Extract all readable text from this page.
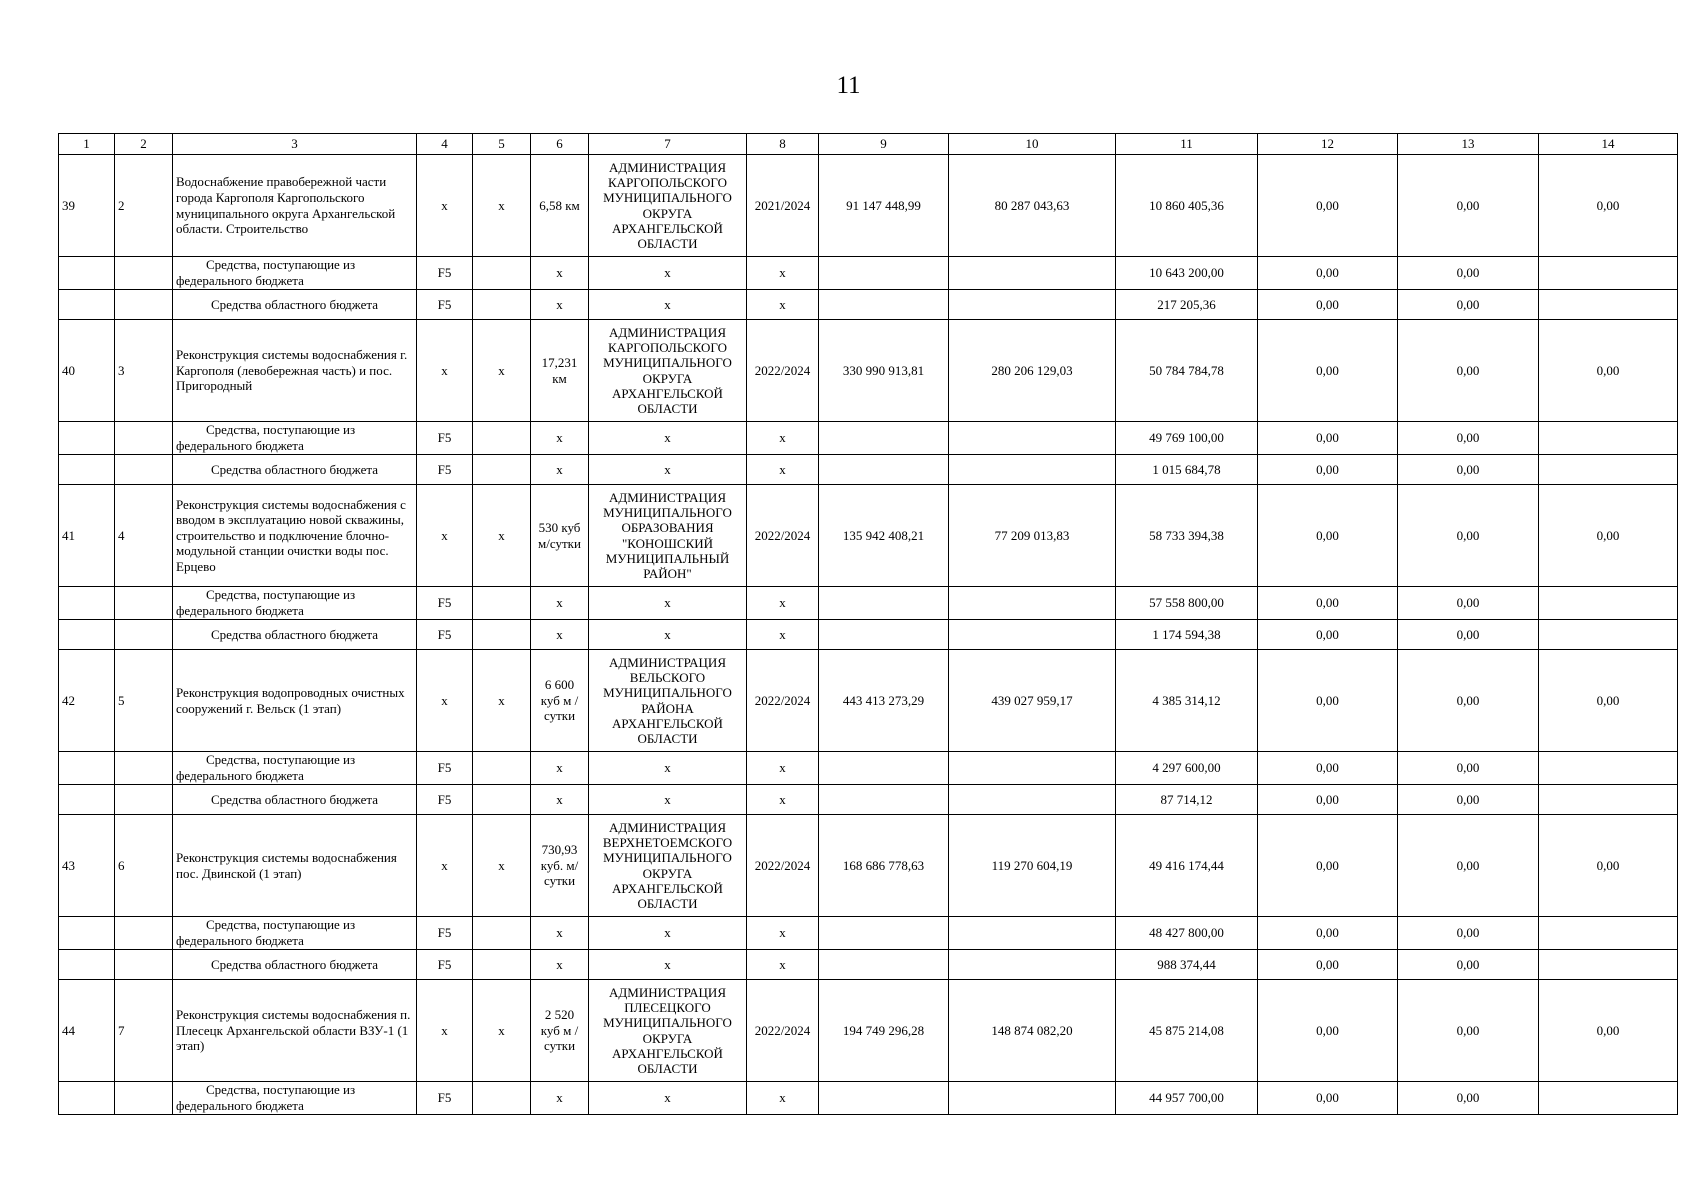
11
1	2	3	4	5	6	7	8	9	10	11	12	13	14
39	2	Водоснабжение правобережной части города Каргополя Каргопольского муниципального округа Архангельской области. Строительство	x	x	6,58 км	АДМИНИСТРАЦИЯ КАРГОПОЛЬСКОГО МУНИЦИПАЛЬНОГО ОКРУГА АРХАНГЕЛЬСКОЙ ОБЛАСТИ	2021/2024	91 147 448,99	80 287 043,63	10 860 405,36	0,00	0,00	0,00
		Средства, поступающие из федерального бюджета	F5		x	x	x			10 643 200,00	0,00	0,00	
		Средства областного бюджета	F5		x	x	x			217 205,36	0,00	0,00	
40	3	Реконструкция системы водоснабжения г. Каргополя (левобережная часть) и пос. Пригородный	x	x	17,231 км	АДМИНИСТРАЦИЯ КАРГОПОЛЬСКОГО МУНИЦИПАЛЬНОГО ОКРУГА АРХАНГЕЛЬСКОЙ ОБЛАСТИ	2022/2024	330 990 913,81	280 206 129,03	50 784 784,78	0,00	0,00	0,00
		Средства, поступающие из федерального бюджета	F5		x	x	x			49 769 100,00	0,00	0,00	
		Средства областного бюджета	F5		x	x	x			1 015 684,78	0,00	0,00	
41	4	Реконструкция системы водоснабжения с вводом в эксплуатацию новой скважины, строительство и подключение блочно-модульной станции очистки воды пос. Ерцево	x	x	530 куб м/сутки	АДМИНИСТРАЦИЯ МУНИЦИПАЛЬНОГО ОБРАЗОВАНИЯ "КОНОШСКИЙ МУНИЦИПАЛЬНЫЙ РАЙОН"	2022/2024	135 942 408,21	77 209 013,83	58 733 394,38	0,00	0,00	0,00
		Средства, поступающие из федерального бюджета	F5		x	x	x			57 558 800,00	0,00	0,00	
		Средства областного бюджета	F5		x	x	x			1 174 594,38	0,00	0,00	
42	5	Реконструкция водопроводных очистных сооружений г. Вельск (1 этап)	x	x	6 600 куб м / сутки	АДМИНИСТРАЦИЯ ВЕЛЬСКОГО МУНИЦИПАЛЬНОГО РАЙОНА АРХАНГЕЛЬСКОЙ ОБЛАСТИ	2022/2024	443 413 273,29	439 027 959,17	4 385 314,12	0,00	0,00	0,00
		Средства, поступающие из федерального бюджета	F5		x	x	x			4 297 600,00	0,00	0,00	
		Средства областного бюджета	F5		x	x	x			87 714,12	0,00	0,00	
43	6	Реконструкция системы водоснабжения пос. Двинской (1 этап)	x	x	730,93 куб. м/сутки	АДМИНИСТРАЦИЯ ВЕРХНЕТОЕМСКОГО МУНИЦИПАЛЬНОГО ОКРУГА АРХАНГЕЛЬСКОЙ ОБЛАСТИ	2022/2024	168 686 778,63	119 270 604,19	49 416 174,44	0,00	0,00	0,00
		Средства, поступающие из федерального бюджета	F5		x	x	x			48 427 800,00	0,00	0,00	
		Средства областного бюджета	F5		x	x	x			988 374,44	0,00	0,00	
44	7	Реконструкция системы водоснабжения п. Плесецк Архангельской области ВЗУ-1 (1 этап)	x	x	2 520 куб м / сутки	АДМИНИСТРАЦИЯ ПЛЕСЕЦКОГО МУНИЦИПАЛЬНОГО ОКРУГА АРХАНГЕЛЬСКОЙ ОБЛАСТИ	2022/2024	194 749 296,28	148 874 082,20	45 875 214,08	0,00	0,00	0,00
		Средства, поступающие из федерального бюджета	F5		x	x	x			44 957 700,00	0,00	0,00	
